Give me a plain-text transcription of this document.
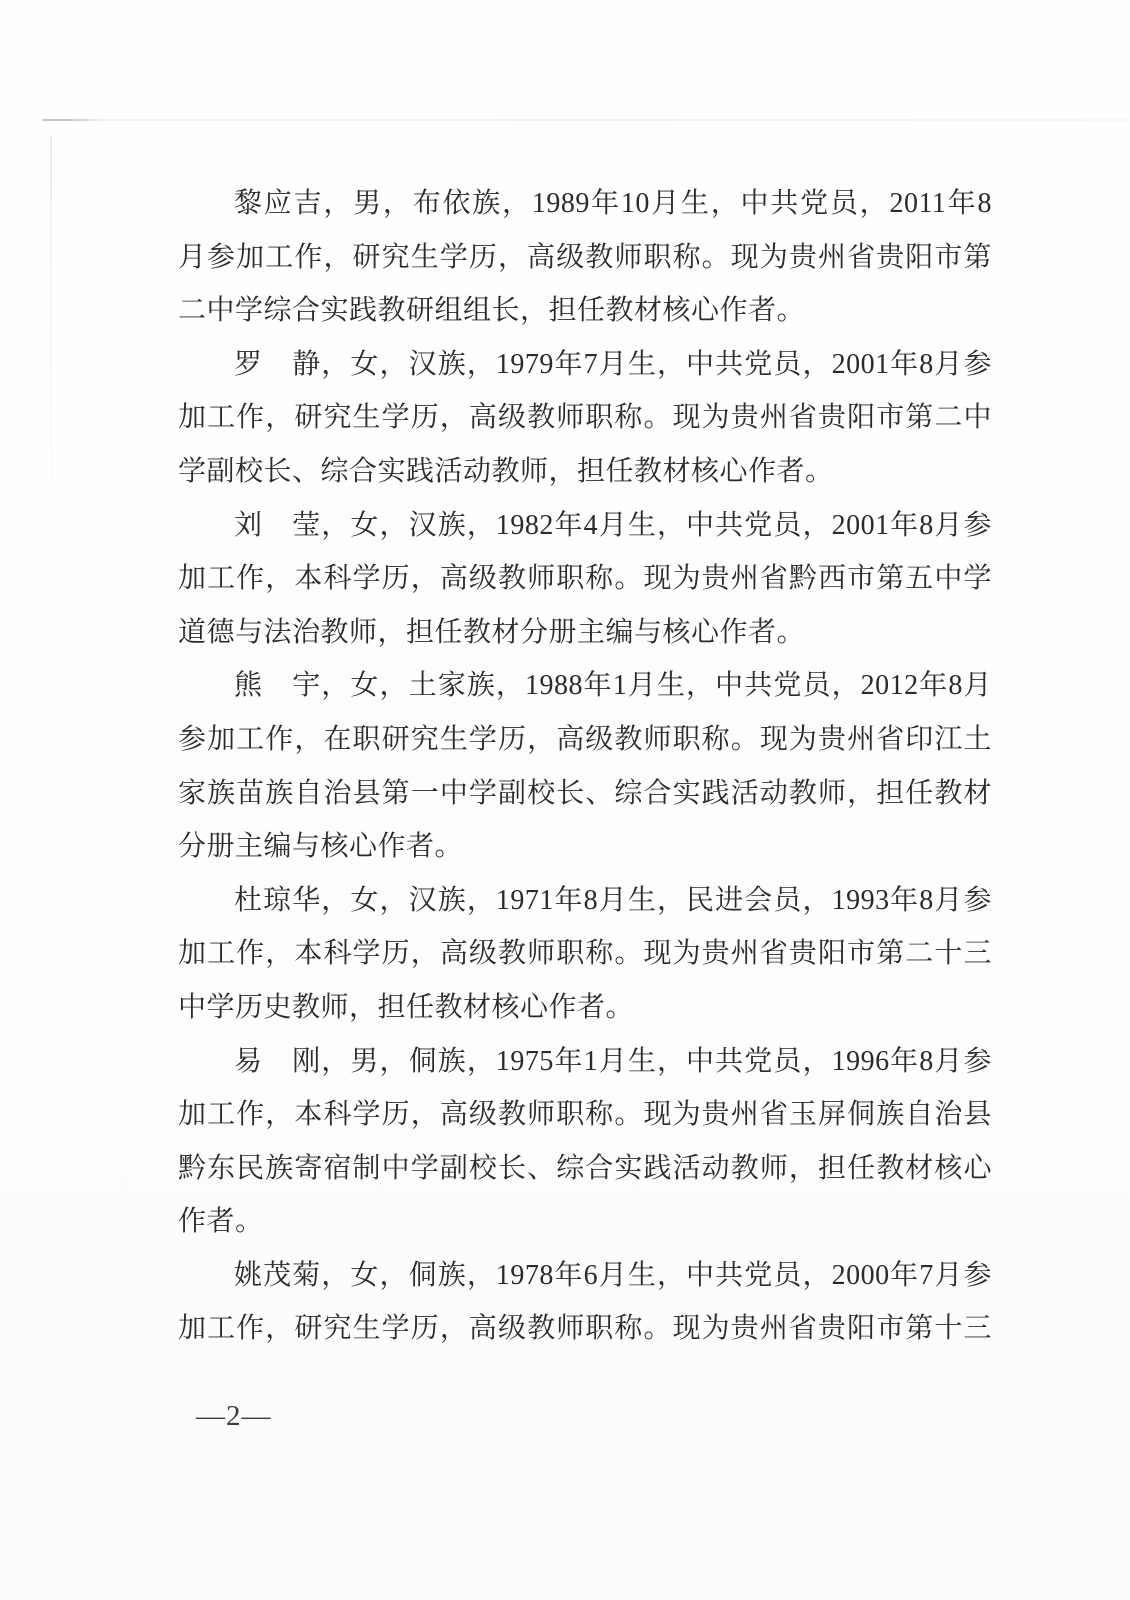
黎应吉，男，布依族，1989年10月生，中共党员，2011年8
月参加工作，研究生学历，高级教师职称。现为贵州省贵阳市第
二中学综合实践教研组组长，担任教材核心作者。
罗　静，女，汉族，1979年7月生，中共党员，2001年8月参
加工作，研究生学历，高级教师职称。现为贵州省贵阳市第二中
学副校长、综合实践活动教师，担任教材核心作者。
刘　莹，女，汉族，1982年4月生，中共党员，2001年8月参
加工作，本科学历，高级教师职称。现为贵州省黔西市第五中学
道德与法治教师，担任教材分册主编与核心作者。
熊　宇，女，土家族，1988年1月生，中共党员，2012年8月
参加工作，在职研究生学历，高级教师职称。现为贵州省印江土
家族苗族自治县第一中学副校长、综合实践活动教师，担任教材
分册主编与核心作者。
杜琼华，女，汉族，1971年8月生，民进会员，1993年8月参
加工作，本科学历，高级教师职称。现为贵州省贵阳市第二十三
中学历史教师，担任教材核心作者。
易　刚，男，侗族，1975年1月生，中共党员，1996年8月参
加工作，本科学历，高级教师职称。现为贵州省玉屏侗族自治县
黔东民族寄宿制中学副校长、综合实践活动教师，担任教材核心
作者。
姚茂菊，女，侗族，1978年6月生，中共党员，2000年7月参
加工作，研究生学历，高级教师职称。现为贵州省贵阳市第十三
—2—
